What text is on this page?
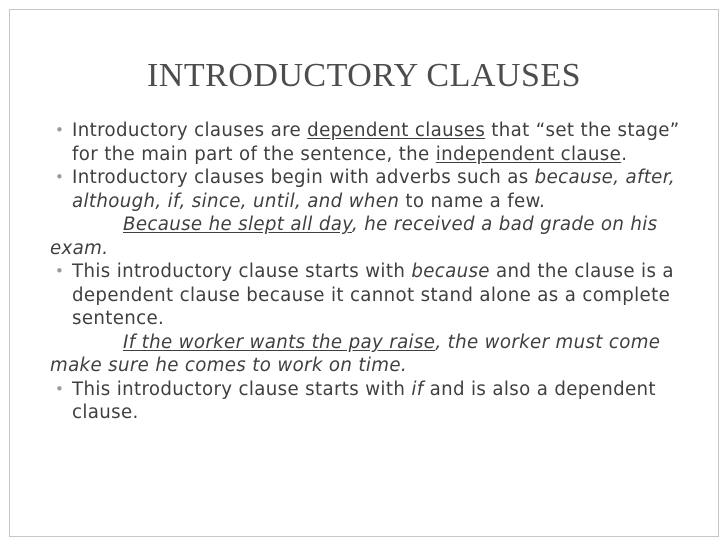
INTRODUCTORY CLAUSES

• Introductory clauses are dependent clauses that “set the stage” for the main part of the sentence, the independent clause.

• Introductory clauses begin with adverbs such as because, after, although, if, since, until, and when to name a few.

Because he slept all day, he received a bad grade on his exam.

• This introductory clause starts with because and the clause is a dependent clause because it cannot stand alone as a complete sentence.

If the worker wants the pay raise, the worker must come make sure he comes to work on time.

• This introductory clause starts with if and is also a dependent clause.
